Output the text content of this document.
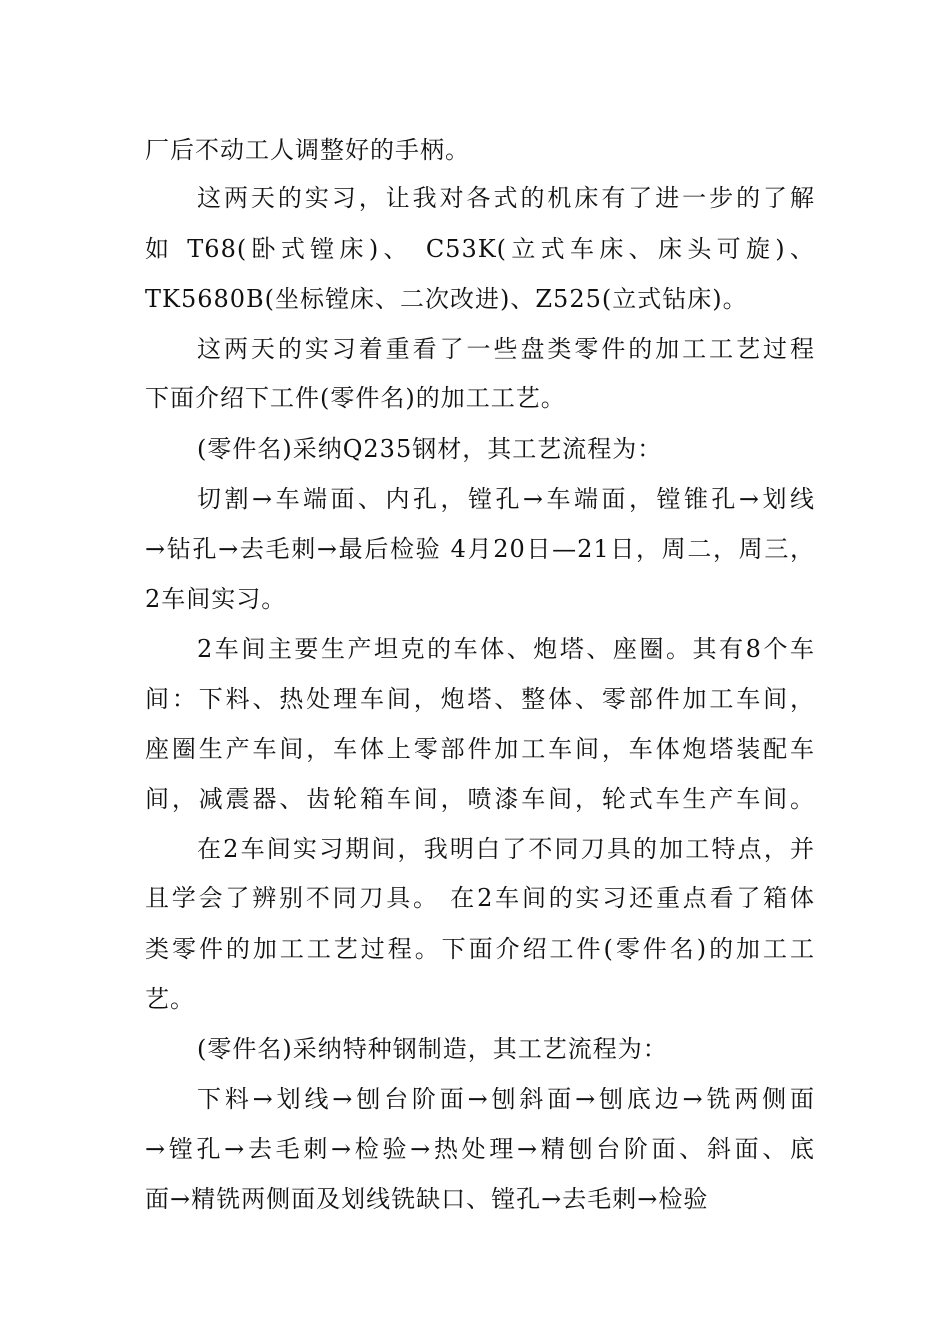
厂后不动工人调整好的手柄。
这两天的实习，让我对各式的机床有了进一步的了解
如 T68(卧式镗床)、 C53K(立式车床、床头可旋)、
TK5680B(坐标镗床、二次改进)、Z525(立式钻床)。
这两天的实习着重看了一些盘类零件的加工工艺过程
下面介绍下工件(零件名)的加工工艺。
(零件名)采纳Q235钢材，其工艺流程为：
切割→车端面、内孔，镗孔→车端面，镗锥孔→划线
→钻孔→去毛刺→最后检验 4月20日—21日，周二，周三，
2车间实习。
2车间主要生产坦克的车体、炮塔、座圈。其有8个车
间：下料、热处理车间，炮塔、整体、零部件加工车间，
座圈生产车间，车体上零部件加工车间，车体炮塔装配车
间，减震器、齿轮箱车间，喷漆车间，轮式车生产车间。
在2车间实习期间，我明白了不同刀具的加工特点，并
且学会了辨别不同刀具。 在2车间的实习还重点看了箱体
类零件的加工工艺过程。下面介绍工件(零件名)的加工工
艺。
(零件名)采纳特种钢制造，其工艺流程为：
下料→划线→刨台阶面→刨斜面→刨底边→铣两侧面
→镗孔→去毛刺→检验→热处理→精刨台阶面、斜面、底
面→精铣两侧面及划线铣缺口、镗孔→去毛刺→检验
